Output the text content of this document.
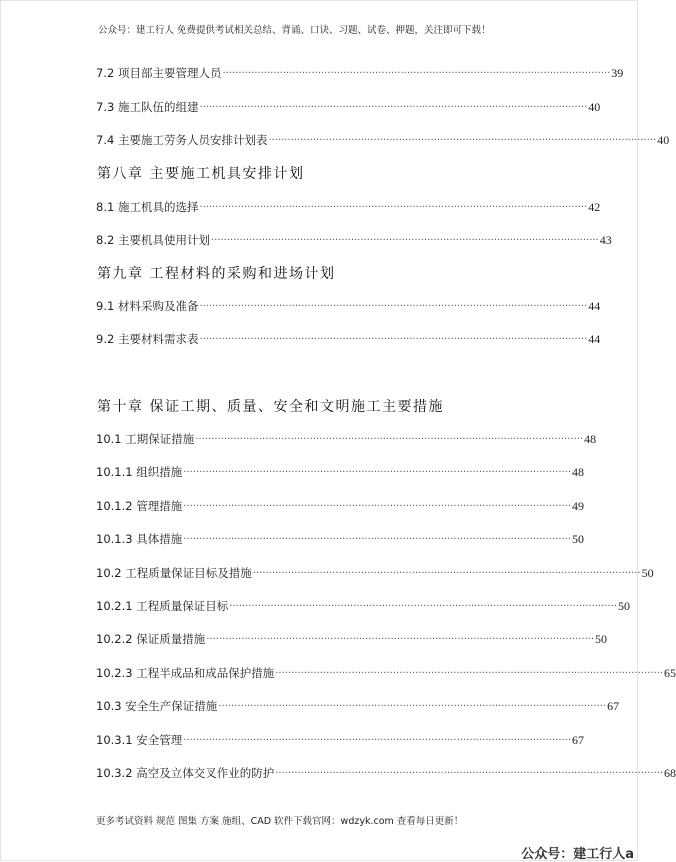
公众号：建工行人 免费提供考试相关总结、背诵、口诀、习题、试卷、押题，关注即可下载！
7.2 项目部主要管理人员 ·························································································································· 39
7.3 施工队伍的组建 ·························································································································· 40
7.4 主要施工劳务人员安排计划表 ·························································································································· 40
第八章 主要施工机具安排计划
8.1 施工机具的选择 ·························································································································· 42
8.2 主要机具使用计划 ·························································································································· 43
第九章 工程材料的采购和进场计划
9.1 材料采购及准备 ·························································································································· 44
9.2 主要材料需求表 ·························································································································· 44
第十章 保证工期、质量、安全和文明施工主要措施
10.1 工期保证措施 ·························································································································· 48
10.1.1 组织措施 ·························································································································· 48
10.1.2 管理措施 ·························································································································· 49
10.1.3 具体措施 ·························································································································· 50
10.2 工程质量保证目标及措施 ·························································································································· 50
10.2.1 工程质量保证目标 ·························································································································· 50
10.2.2 保证质量措施 ·························································································································· 50
10.2.3 工程半成品和成品保护措施 ·························································································································· 65
10.3 安全生产保证措施 ·························································································································· 67
10.3.1 安全管理 ·························································································································· 67
10.3.2 高空及立体交叉作业的防护 ·························································································································· 68
更多考试资料 规范 图集 方案 施组、CAD 软件下载官网：wdzyk.com 查看每日更新！
公众号：建工行人a
